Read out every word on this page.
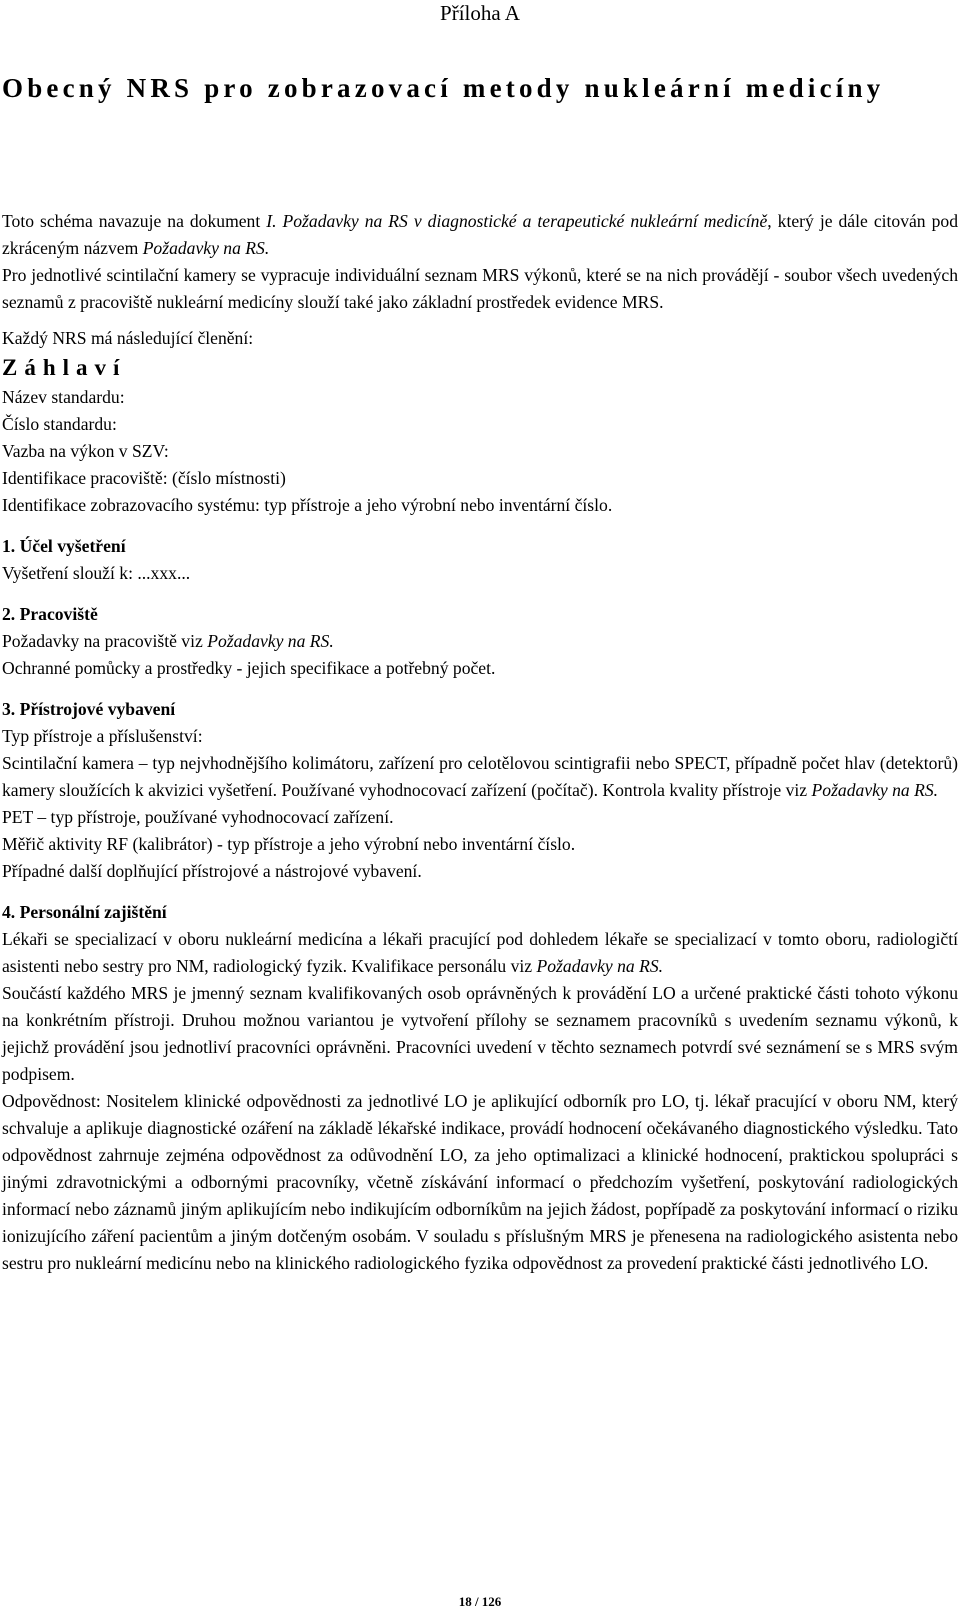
Příloha A
Obecný NRS pro zobrazovací metody nukleární medicíny

Toto schéma navazuje na dokument I. Požadavky na RS v diagnostické a terapeutické nukleární medicíně, který je dále citován pod zkráceným názvem Požadavky na RS.

Pro jednotlivé scintilační kamery se vypracuje individuální seznam MRS výkonů, které se na nich provádějí - soubor všech uvedených seznamů z pracoviště nukleární medicíny slouží také jako základní prostředek evidence MRS.

Každý NRS má následující členění:

Záhlaví

Název standardu:

Číslo standardu:

Vazba na výkon v SZV:

Identifikace pracoviště: (číslo místnosti)

Identifikace zobrazovacího systému: typ přístroje a jeho výrobní nebo inventární číslo.

1. Účel vyšetření

Vyšetření slouží k: ...xxx...

2. Pracoviště

Požadavky na pracoviště viz Požadavky na RS.

Ochranné pomůcky a prostředky - jejich specifikace a potřebný počet.

3. Přístrojové vybavení

Typ přístroje a příslušenství:

Scintilační kamera – typ nejvhodnějšího kolimátoru, zařízení pro celotělovou scintigrafii nebo SPECT, případně počet hlav (detektorů) kamery sloužících k akvizici vyšetření. Používané vyhodnocovací zařízení (počítač). Kontrola kvality přístroje viz Požadavky na RS.

PET – typ přístroje, používané vyhodnocovací zařízení.

Měřič aktivity RF (kalibrátor) - typ přístroje a jeho výrobní nebo inventární číslo.

Případné další doplňující přístrojové a nástrojové vybavení.

4. Personální zajištění

Lékaři se specializací v oboru nukleární medicína a lékaři pracující pod dohledem lékaře se specializací v tomto oboru, radiologičtí asistenti nebo sestry pro NM, radiologický fyzik. Kvalifikace personálu viz Požadavky na RS.

Součástí každého MRS je jmenný seznam kvalifikovaných osob oprávněných k provádění LO a určené praktické části tohoto výkonu na konkrétním přístroji. Druhou možnou variantou je vytvoření přílohy se seznamem pracovníků s uvedením seznamu výkonů, k jejichž provádění jsou jednotliví pracovníci oprávněni. Pracovníci uvedení v těchto seznamech potvrdí své seznámení se s MRS svým podpisem.

Odpovědnost: Nositelem klinické odpovědnosti za jednotlivé LO je aplikující odborník pro LO, tj. lékař pracující v oboru NM, který schvaluje a aplikuje diagnostické ozáření na základě lékařské indikace, provádí hodnocení očekávaného diagnostického výsledku. Tato odpovědnost zahrnuje zejména odpovědnost za odůvodnění LO, za jeho optimalizaci a klinické hodnocení, praktickou spolupráci s jinými zdravotnickými a odbornými pracovníky, včetně získávání informací o předchozím vyšetření, poskytování radiologických informací nebo záznamů jiným aplikujícím nebo indikujícím odborníkům na jejich žádost, popřípadě za poskytování informací o riziku ionizujícího záření pacientům a jiným dotčeným osobám. V souladu s příslušným MRS je přenesena na radiologického asistenta nebo sestru pro nukleární medicínu nebo na klinického radiologického fyzika odpovědnost za provedení praktické části jednotlivého LO.

18 / 126
